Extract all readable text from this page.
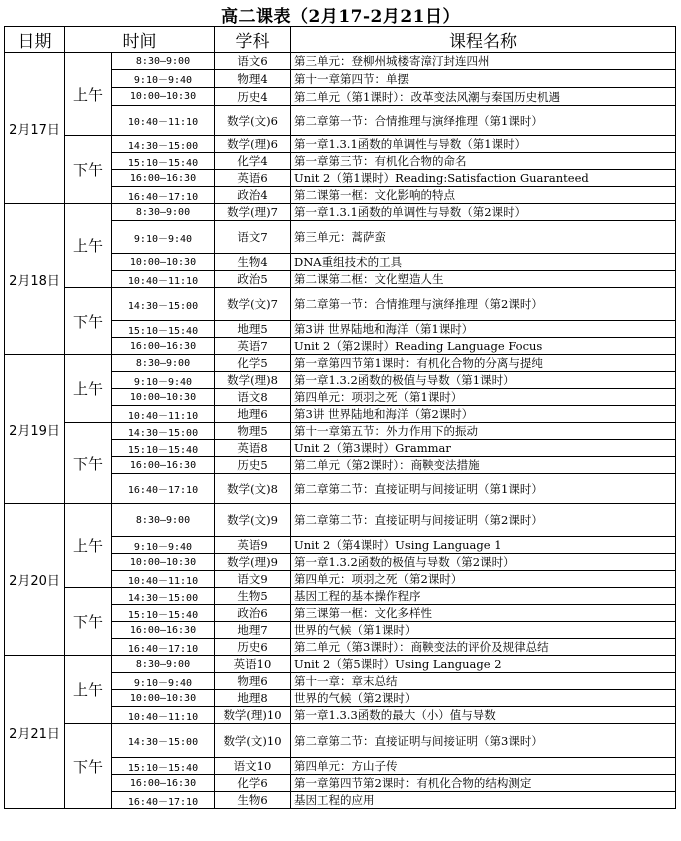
高二课表（2月17-2月21日）
日期	时间		学科	课程名称
2月17日	上午	8:30—9:00	语文6	第三单元：登柳州城楼寄漳汀封连四州
		9:10－9:40	物理4	第十一章第四节：单摆
		10:00—10:30	历史4	第二单元（第1课时）：改革变法风潮与秦国历史机遇
		10:40－11:10	数学(文)6	第二章第一节：合情推理与演绎推理（第1课时）
	下午	14:30－15:00	数学(理)6	第一章1.3.1函数的单调性与导数（第1课时）
		15:10－15:40	化学4	第一章第三节：有机化合物的命名
		16:00—16:30	英语6	Unit 2（第1课时）Reading:Satisfaction Guaranteed
		16:40－17:10	政治4	第二课第一框：文化影响的特点
2月18日	上午	8:30—9:00	数学(理)7	第一章1.3.1函数的单调性与导数（第2课时）
		9:10－9:40	语文7	第三单元：蒿萨蛮
		10:00—10:30	生物4	DNA重组技术的工具
		10:40－11:10	政治5	第二课第二框：文化塑造人生
	下午	14:30－15:00	数学(文)7	第二章第一节：合情推理与演绎推理（第2课时）
		15:10－15:40	地理5	第3讲 世界陆地和海洋（第1课时）
		16:00—16:30	英语7	Unit 2（第2课时）Reading Language Focus
2月19日	上午	8:30—9:00	化学5	第一章第四节第1课时：有机化合物的分离与提纯
		9:10－9:40	数学(理)8	第一章1.3.2函数的极值与导数（第1课时）
		10:00—10:30	语文8	第四单元：项羽之死（第1课时）
		10:40－11:10	地理6	第3讲 世界陆地和海洋（第2课时）
	下午	14:30－15:00	物理5	第十一章第五节：外力作用下的振动
		15:10－15:40	英语8	Unit 2（第3课时）Grammar
		16:00—16:30	历史5	第二单元（第2课时）：商鞅变法措施
		16:40－17:10	数学(文)8	第二章第二节：直接证明与间接证明（第1课时）
2月20日	上午	8:30—9:00	数学(文)9	第二章第二节：直接证明与间接证明（第2课时）
		9:10－9:40	英语9	Unit 2（第4课时）Using Language 1
		10:00—10:30	数学(理)9	第一章1.3.2函数的极值与导数（第2课时）
		10:40－11:10	语文9	第四单元：项羽之死（第2课时）
	下午	14:30－15:00	生物5	基因工程的基本操作程序
		15:10－15:40	政治6	第三课第一框：文化多样性
		16:00—16:30	地理7	世界的气候（第1课时）
		16:40－17:10	历史6	第二单元（第3课时）：商鞅变法的评价及规律总结
2月21日	上午	8:30—9:00	英语10	Unit 2（第5课时）Using Language 2
		9:10－9:40	物理6	第十一章：章末总结
		10:00—10:30	地理8	世界的气候（第2课时）
		10:40－11:10	数学(理)10	第一章1.3.3函数的最大（小）值与导数
	下午	14:30－15:00	数学(文)10	第二章第二节：直接证明与间接证明（第3课时）
		15:10－15:40	语文10	第四单元：方山子传
		16:00—16:30	化学6	第一章第四节第2课时：有机化合物的结构测定
		16:40－17:10	生物6	基因工程的应用
